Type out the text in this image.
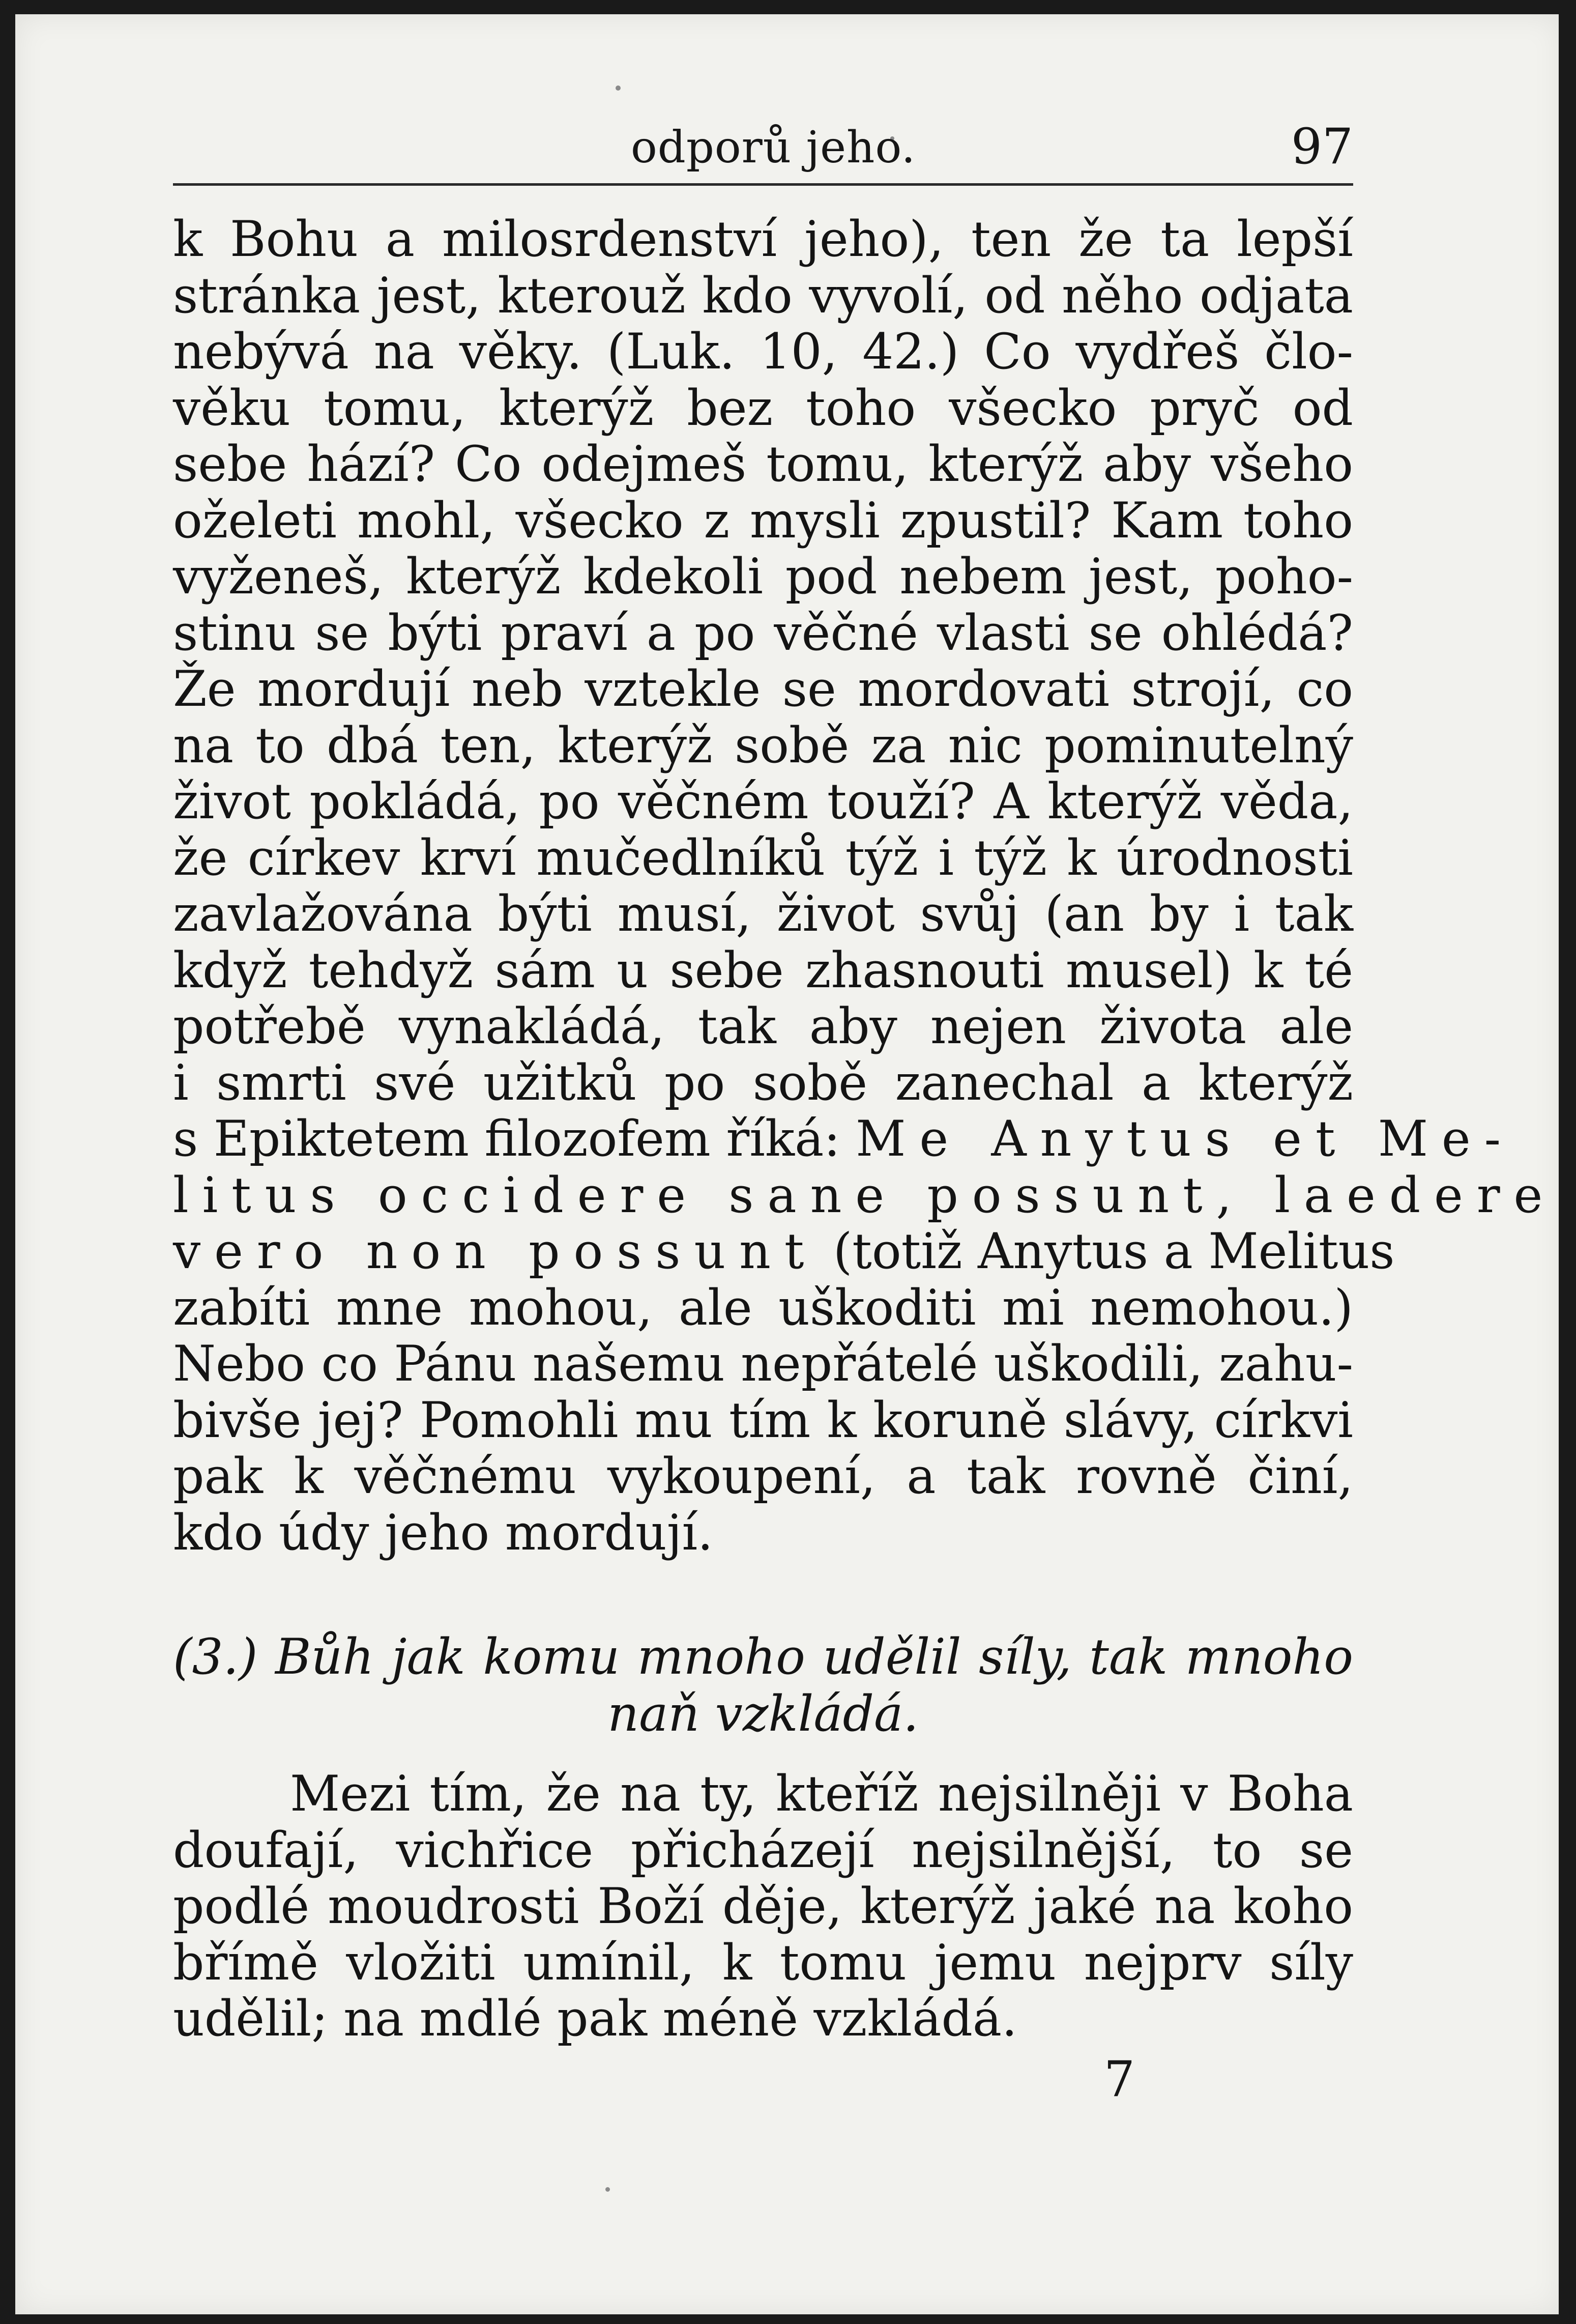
odporů jeho.	97
k Bohu a milosrdenství jeho), ten že ta lepší
stránka jest, kterouž kdo vyvolí, od něho odjata
nebývá na věky. (Luk. 10, 42.) Co vydřeš člo-
věku tomu, kterýž bez toho všecko pryč od
sebe hází? Co odejmeš tomu, kterýž aby všeho
oželeti mohl, všecko z mysli zpustil? Kam toho
vyženeš, kterýž kdekoli pod nebem jest, poho-
stinu se býti praví a po věčné vlasti se ohlédá?
Že mordují neb vztekle se mordovati strojí, co
na to dbá ten, kterýž sobě za nic pominutelný
život pokládá, po věčném touží? A kterýž věda,
že církev krví mučedlníků týž i týž k úrodnosti
zavlažována býti musí, život svůj (an by i tak
když tehdyž sám u sebe zhasnouti musel) k té
potřebě vynakládá, tak aby nejen života ale
i smrti své užitků po sobě zanechal a kterýž
s Epiktetem filozofem říká: Me Anytus et Me-
litus occidere sane possunt, laedere
vero non possunt (totiž Anytus a Melitus
zabíti mne mohou, ale uškoditi mi nemohou.)
Nebo co Pánu našemu nepřátelé uškodili, zahu-
bivše jej? Pomohli mu tím k koruně slávy, církvi
pak k věčnému vykoupení, a tak rovně činí,
kdo údy jeho mordují.
(3.) Bůh jak komu mnoho udělil síly, tak mnoho
naň vzkládá.
Mezi tím, že na ty, kteříž nejsilněji v Boha
doufají, vichřice přicházejí nejsilnější, to se
podlé moudrosti Boží děje, kterýž jaké na koho
břímě vložiti umínil, k tomu jemu nejprv síly
udělil; na mdlé pak méně vzkládá.
7
